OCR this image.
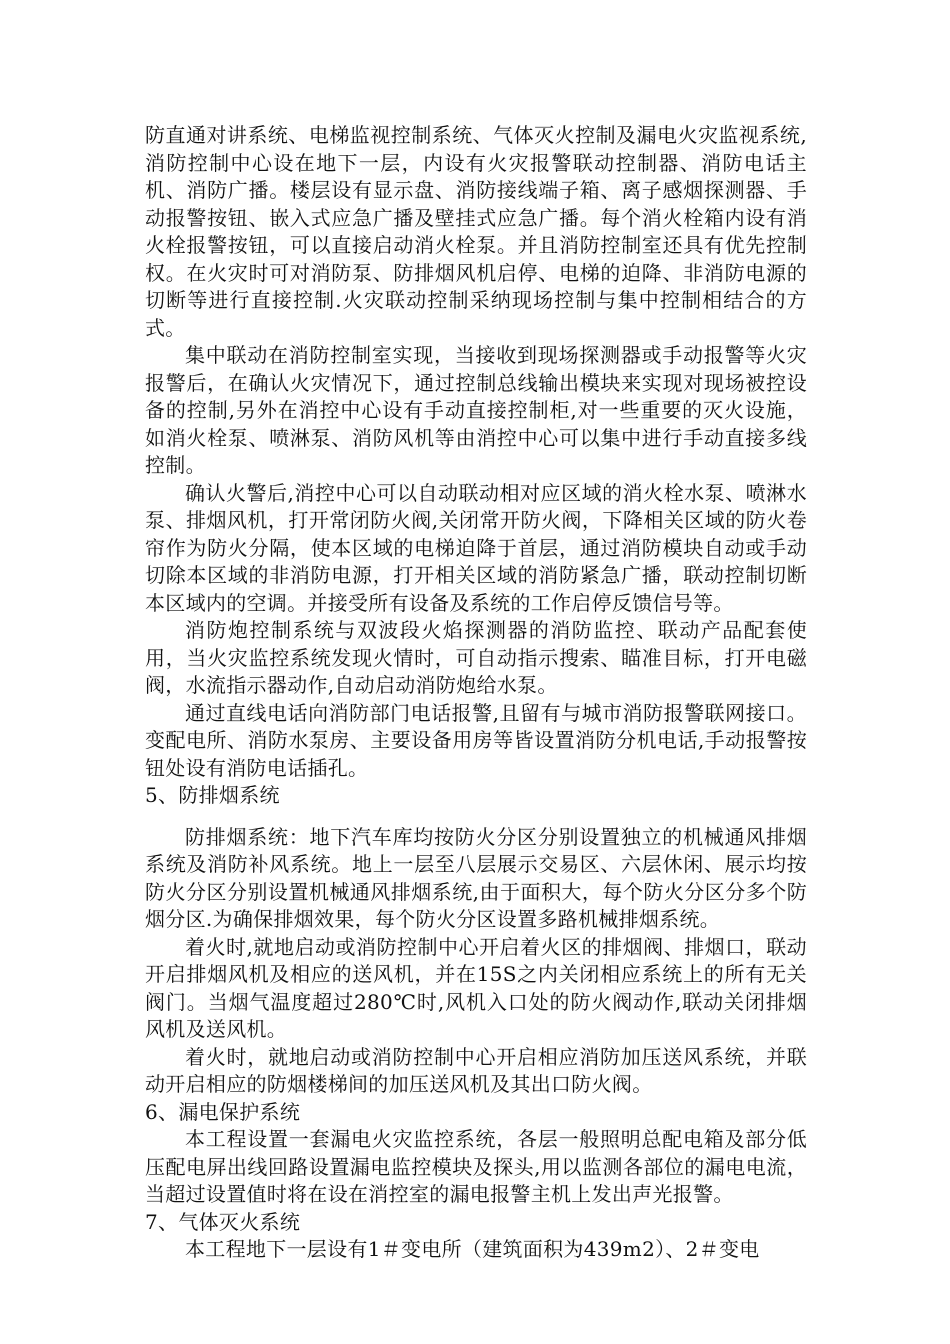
防直通对讲系统、电梯监视控制系统、气体灭火控制及漏电火灾监视系统,消防控制中心设在地下一层，内设有火灾报警联动控制器、消防电话主机、消防广播。楼层设有显示盘、消防接线端子箱、离子感烟探测器、手动报警按钮、嵌入式应急广播及壁挂式应急广播。每个消火栓箱内设有消火栓报警按钮，可以直接启动消火栓泵。并且消防控制室还具有优先控制权。在火灾时可对消防泵、防排烟风机启停、电梯的迫降、非消防电源的切断等进行直接控制.火灾联动控制采纳现场控制与集中控制相结合的方式。

集中联动在消防控制室实现，当接收到现场探测器或手动报警等火灾报警后，在确认火灾情况下，通过控制总线输出模块来实现对现场被控设备的控制,另外在消控中心设有手动直接控制柜,对一些重要的灭火设施，如消火栓泵、喷淋泵、消防风机等由消控中心可以集中进行手动直接多线控制。

确认火警后,消控中心可以自动联动相对应区域的消火栓水泵、喷淋水泵、排烟风机，打开常闭防火阀,关闭常开防火阀，下降相关区域的防火卷帘作为防火分隔，使本区域的电梯迫降于首层，通过消防模块自动或手动切除本区域的非消防电源，打开相关区域的消防紧急广播，联动控制切断本区域内的空调。并接受所有设备及系统的工作启停反馈信号等。

消防炮控制系统与双波段火焰探测器的消防监控、联动产品配套使用，当火灾监控系统发现火情时，可自动指示搜索、瞄准目标，打开电磁阀，水流指示器动作,自动启动消防炮给水泵。

通过直线电话向消防部门电话报警,且留有与城市消防报警联网接口。变配电所、消防水泵房、主要设备用房等皆设置消防分机电话,手动报警按钮处设有消防电话插孔。

5、防排烟系统

防排烟系统：地下汽车库均按防火分区分别设置独立的机械通风排烟系统及消防补风系统。地上一层至八层展示交易区、六层休闲、展示均按防火分区分别设置机械通风排烟系统,由于面积大，每个防火分区分多个防烟分区.为确保排烟效果，每个防火分区设置多路机械排烟系统。

着火时,就地启动或消防控制中心开启着火区的排烟阀、排烟口，联动开启排烟风机及相应的送风机，并在15S之内关闭相应系统上的所有无关阀门。当烟气温度超过280℃时,风机入口处的防火阀动作,联动关闭排烟风机及送风机。

着火时，就地启动或消防控制中心开启相应消防加压送风系统，并联动开启相应的防烟楼梯间的加压送风机及其出口防火阀。

6、漏电保护系统

本工程设置一套漏电火灾监控系统，各层一般照明总配电箱及部分低压配电屏出线回路设置漏电监控模块及探头,用以监测各部位的漏电电流，当超过设置值时将在设在消控室的漏电报警主机上发出声光报警。

7、气体灭火系统

本工程地下一层设有1＃变电所（建筑面积为439m2）、2＃变电
